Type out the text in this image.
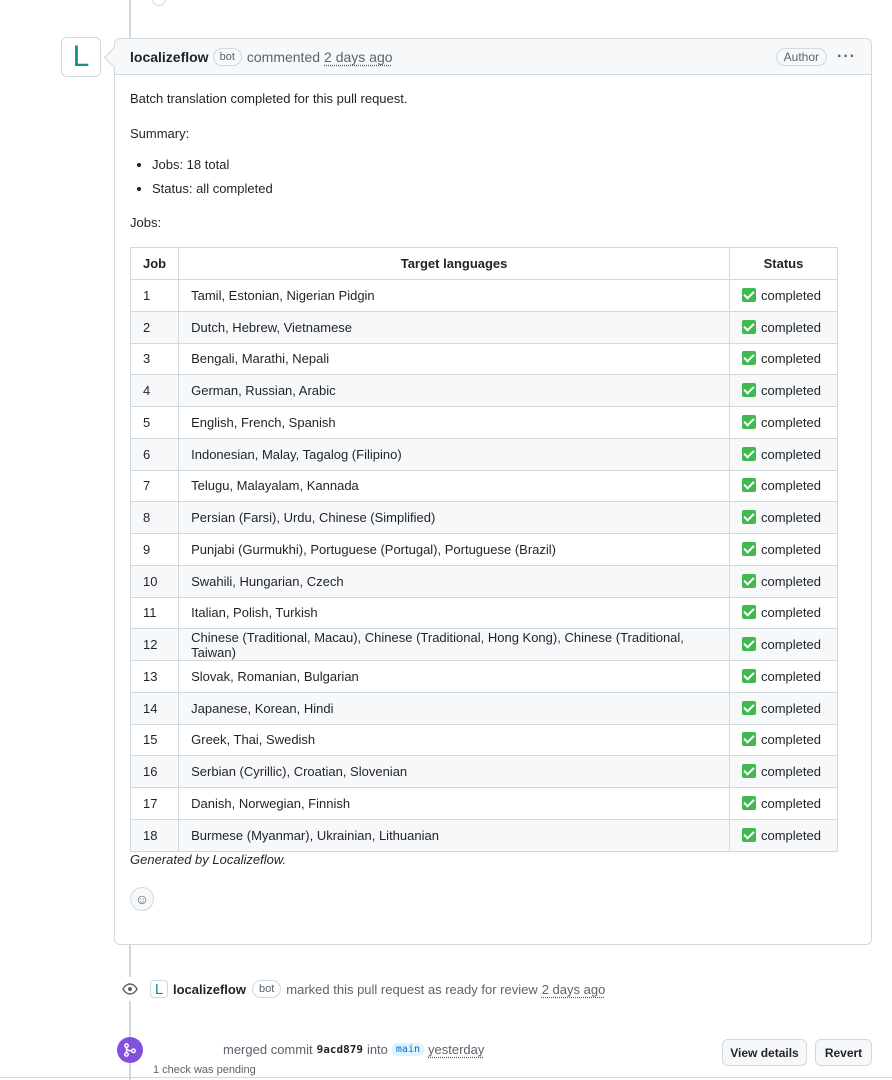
L	localizeflow	bot commented 2 days ago	Author	···

Batch translation completed for this pull request.

Summary:

• Jobs: 18 total
• Status: all completed

Jobs:

Job	Target languages	Status
1	Tamil, Estonian, Nigerian Pidgin	completed
2	Dutch, Hebrew, Vietnamese	completed
3	Bengali, Marathi, Nepali	completed
4	German, Russian, Arabic	completed
5	English, French, Spanish	completed
6	Indonesian, Malay, Tagalog (Filipino)	completed
7	Telugu, Malayalam, Kannada	completed
8	Persian (Farsi), Urdu, Chinese (Simplified)	completed
9	Punjabi (Gurmukhi), Portuguese (Portugal), Portuguese (Brazil)	completed
10	Swahili, Hungarian, Czech	completed
11	Italian, Polish, Turkish	completed
12	Chinese (Traditional, Macau), Chinese (Traditional, Hong Kong), Chinese (Traditional, Taiwan)	completed
13	Slovak, Romanian, Bulgarian	completed
14	Japanese, Korean, Hindi	completed
15	Greek, Thai, Swedish	completed
16	Serbian (Cyrillic), Croatian, Slovenian	completed
17	Danish, Norwegian, Finnish	completed
18	Burmese (Myanmar), Ukrainian, Lithuanian	completed

Generated by Localizeflow.

☺
L localizeflow	bot marked this pull request as ready for review 2 days ago
merged commit 9acd879 into main yesterday
1 check was pending
View details	Revert
